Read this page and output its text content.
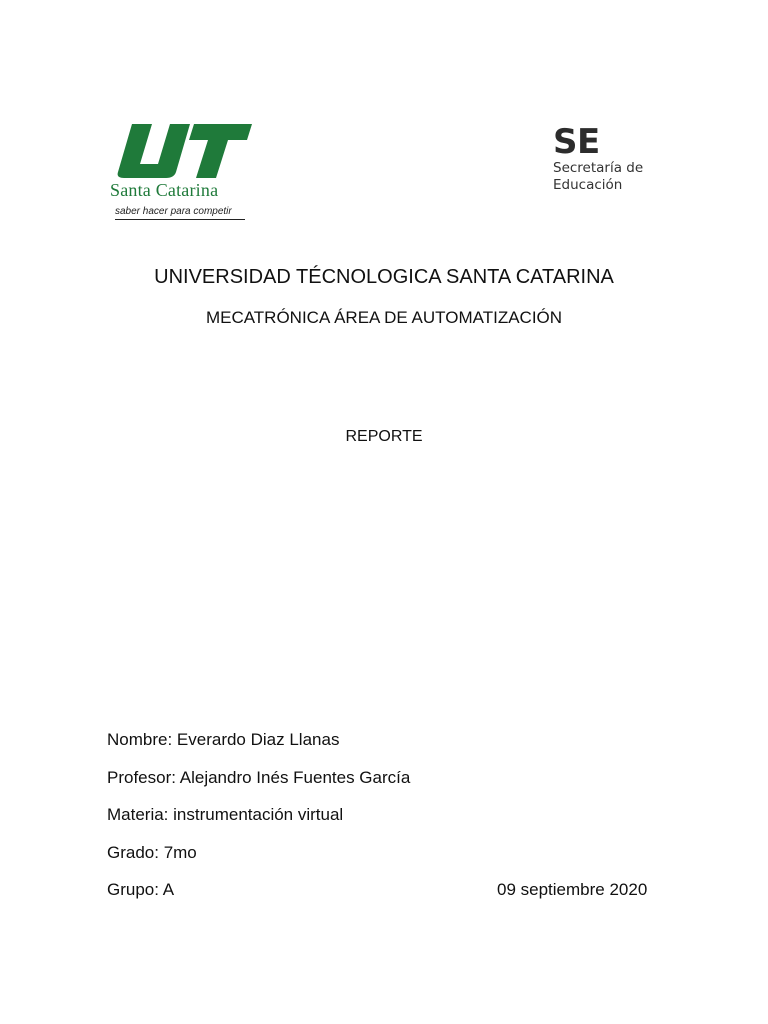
Santa Catarina
saber hacer para competir
SE
Secretaría de
Educación
UNIVERSIDAD TÉCNOLOGICA SANTA CATARINA
MECATRÓNICA ÁREA DE AUTOMATIZACIÓN
REPORTE
Nombre: Everardo Diaz Llanas
Profesor: Alejandro Inés Fuentes García
Materia: instrumentación virtual
Grado: 7mo
Grupo: A	09 septiembre 2020
